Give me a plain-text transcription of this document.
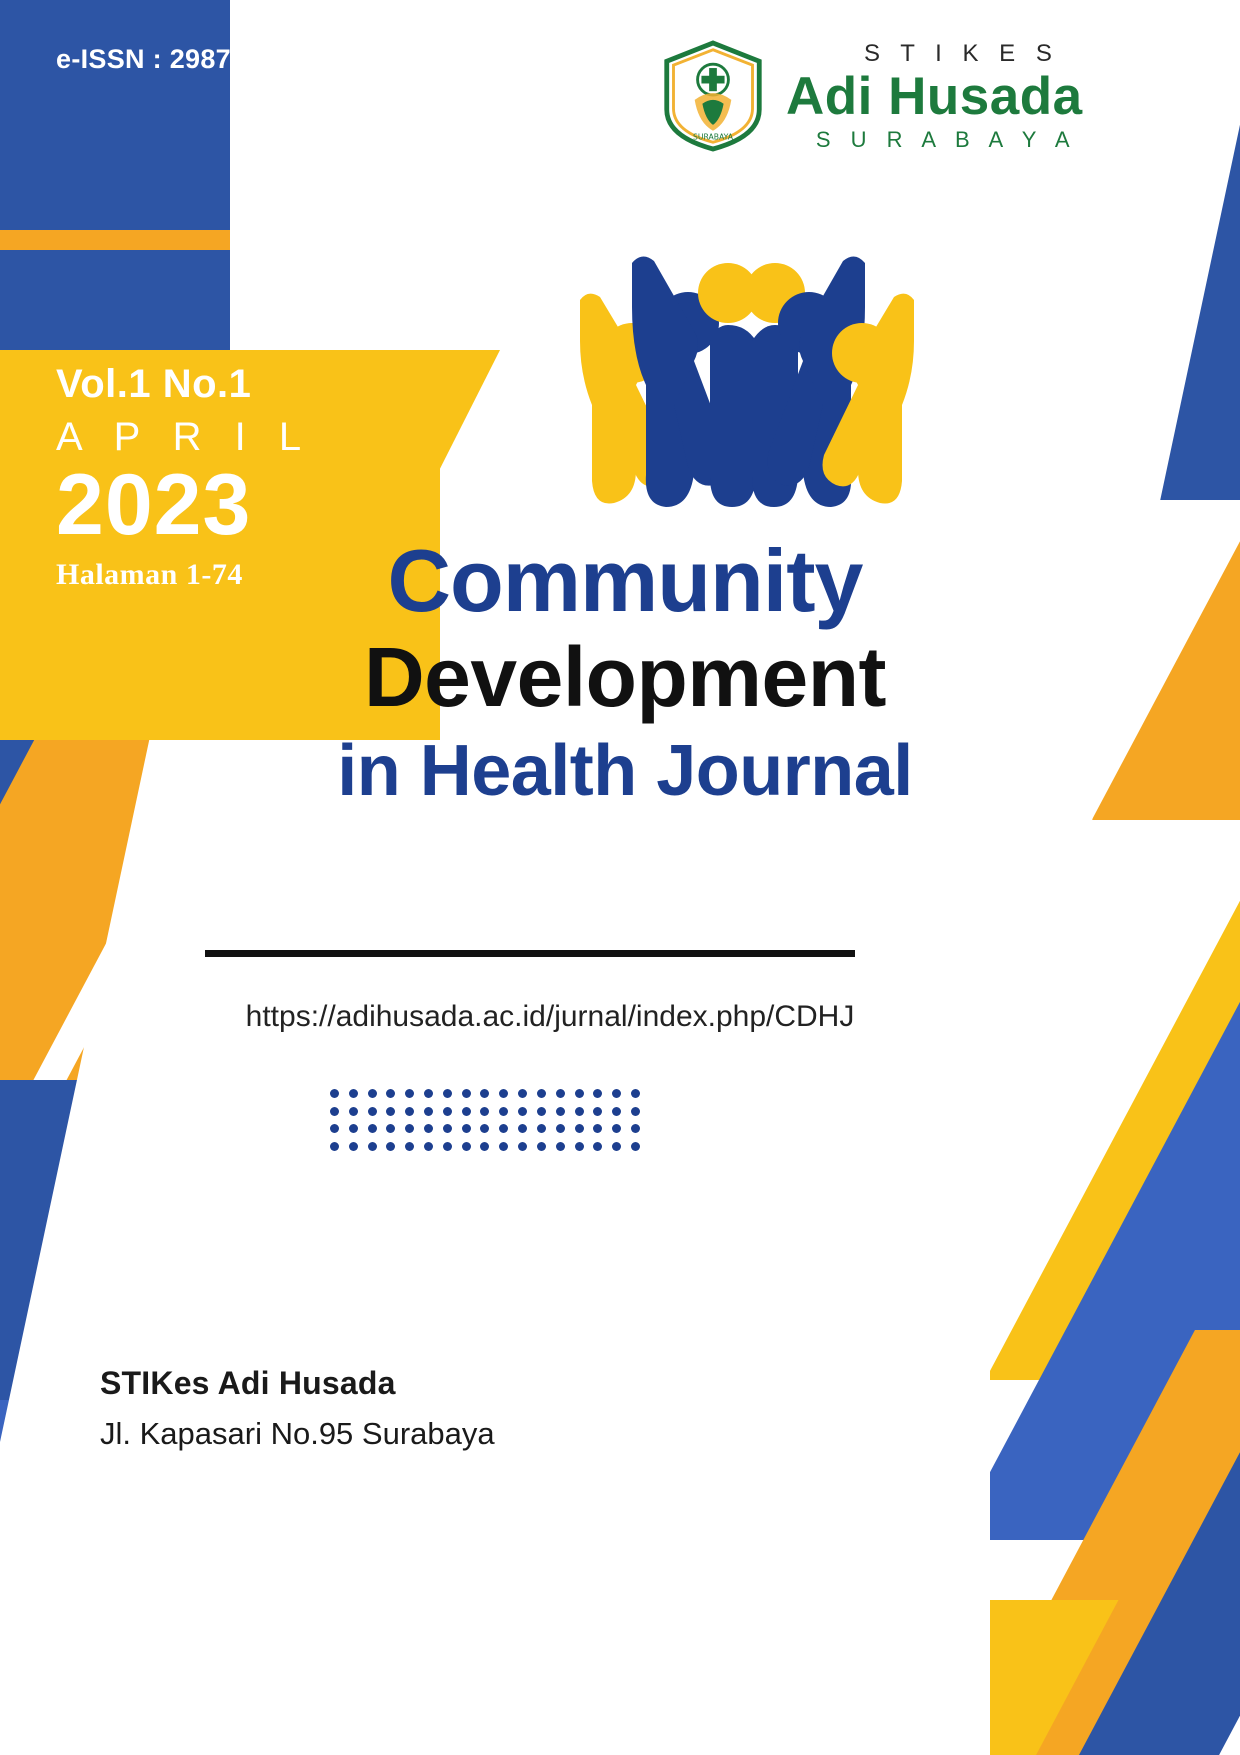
e-ISSN : 2987-3703
SURABAYA
S T I K E S
Adi Husada
S U R A B A Y A
Vol.1 No.1
A P R I L
2023
Halaman 1-74	Community
Development
in Health Journal
https://adihusada.ac.id/jurnal/index.php/CDHJ
STIKes Adi Husada
Jl. Kapasari No.95 Surabaya
